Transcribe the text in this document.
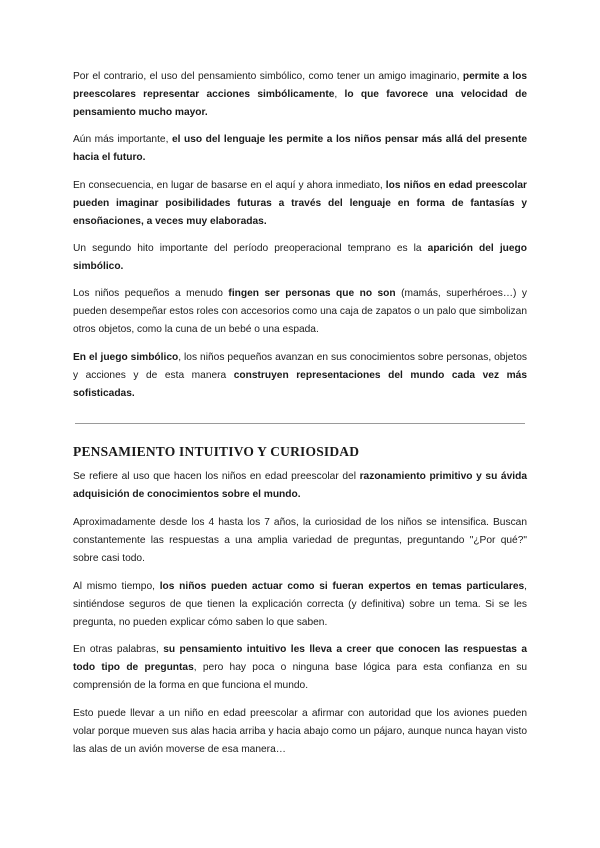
Por el contrario, el uso del pensamiento simbólico, como tener un amigo imaginario, permite a los preescolares representar acciones simbólicamente, lo que favorece una velocidad de pensamiento mucho mayor.

Aún más importante, el uso del lenguaje les permite a los niños pensar más allá del presente hacia el futuro.

En consecuencia, en lugar de basarse en el aquí y ahora inmediato, los niños en edad preescolar pueden imaginar posibilidades futuras a través del lenguaje en forma de fantasías y ensoñaciones, a veces muy elaboradas.

Un segundo hito importante del período preoperacional temprano es la aparición del juego simbólico.

Los niños pequeños a menudo fingen ser personas que no son (mamás, superhéroes…) y pueden desempeñar estos roles con accesorios como una caja de zapatos o un palo que simbolizan otros objetos, como la cuna de un bebé o una espada.

En el juego simbólico, los niños pequeños avanzan en sus conocimientos sobre personas, objetos y acciones y de esta manera construyen representaciones del mundo cada vez más sofisticadas.

PENSAMIENTO INTUITIVO Y CURIOSIDAD

Se refiere al uso que hacen los niños en edad preescolar del razonamiento primitivo y su ávida adquisición de conocimientos sobre el mundo.

Aproximadamente desde los 4 hasta los 7 años, la curiosidad de los niños se intensifica. Buscan constantemente las respuestas a una amplia variedad de preguntas, preguntando "¿Por qué?" sobre casi todo.

Al mismo tiempo, los niños pueden actuar como si fueran expertos en temas particulares, sintiéndose seguros de que tienen la explicación correcta (y definitiva) sobre un tema. Si se les pregunta, no pueden explicar cómo saben lo que saben.

En otras palabras, su pensamiento intuitivo les lleva a creer que conocen las respuestas a todo tipo de preguntas, pero hay poca o ninguna base lógica para esta confianza en su comprensión de la forma en que funciona el mundo.

Esto puede llevar a un niño en edad preescolar a afirmar con autoridad que los aviones pueden volar porque mueven sus alas hacia arriba y hacia abajo como un pájaro, aunque nunca hayan visto las alas de un avión moverse de esa manera…
